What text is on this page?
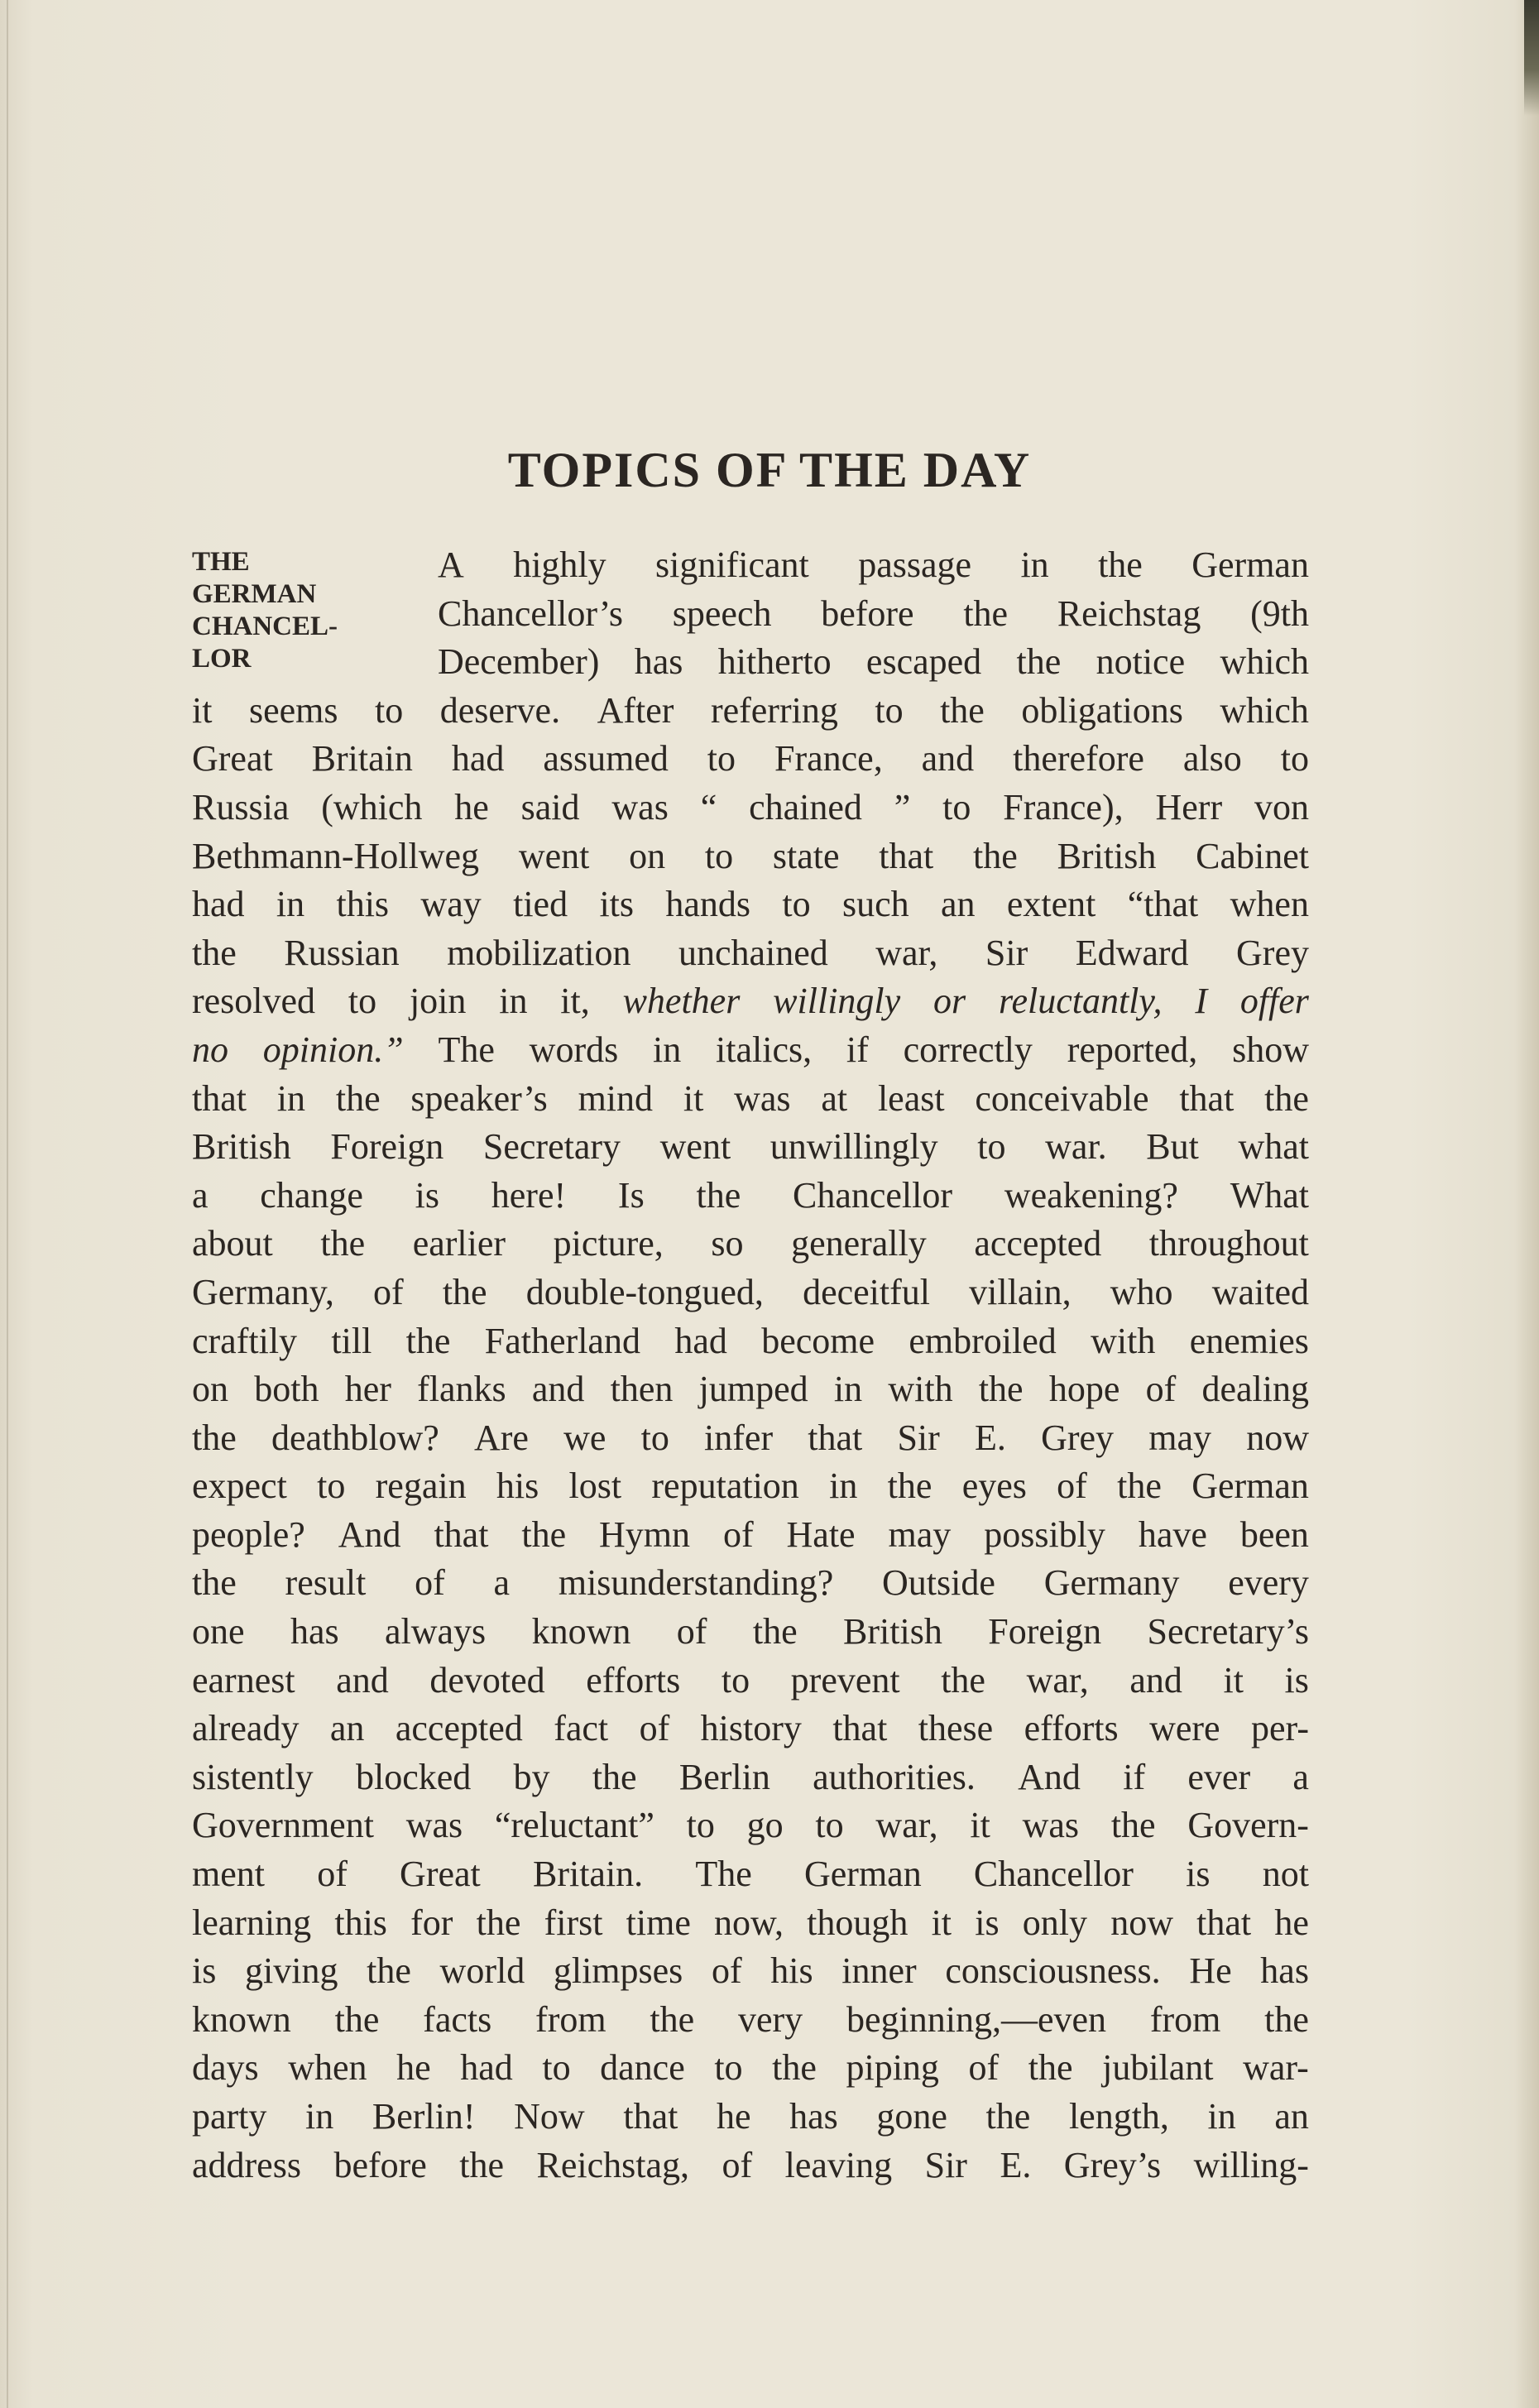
TOPICS OF THE DAY
THE
GERMAN
CHANCEL-
LOR
A highly significant passage in the German
Chancellor’s speech before the Reichstag (9th
December) has hitherto escaped the notice which
it seems to deserve. After referring to the obligations which
Great Britain had assumed to France, and therefore also to
Russia (which he said was “ chained ” to France), Herr von
Bethmann-Hollweg went on to state that the British Cabinet
had in this way tied its hands to such an extent “that when
the Russian mobilization unchained war, Sir Edward Grey
resolved to join in it, whether willingly or reluctantly, I offer
no opinion.” The words in italics, if correctly reported, show
that in the speaker’s mind it was at least conceivable that the
British Foreign Secretary went unwillingly to war. But what
a change is here! Is the Chancellor weakening? What
about the earlier picture, so generally accepted throughout
Germany, of the double-tongued, deceitful villain, who waited
craftily till the Fatherland had become embroiled with enemies
on both her flanks and then jumped in with the hope of dealing
the deathblow? Are we to infer that Sir E. Grey may now
expect to regain his lost reputation in the eyes of the German
people? And that the Hymn of Hate may possibly have been
the result of a misunderstanding? Outside Germany every
one has always known of the British Foreign Secretary’s
earnest and devoted efforts to prevent the war, and it is
already an accepted fact of history that these efforts were per-
sistently blocked by the Berlin authorities. And if ever a
Government was “reluctant” to go to war, it was the Govern-
ment of Great Britain. The German Chancellor is not
learning this for the first time now, though it is only now that he
is giving the world glimpses of his inner consciousness. He has
known the facts from the very beginning,—even from the
days when he had to dance to the piping of the jubilant war-
party in Berlin! Now that he has gone the length, in an
address before the Reichstag, of leaving Sir E. Grey’s willing-
